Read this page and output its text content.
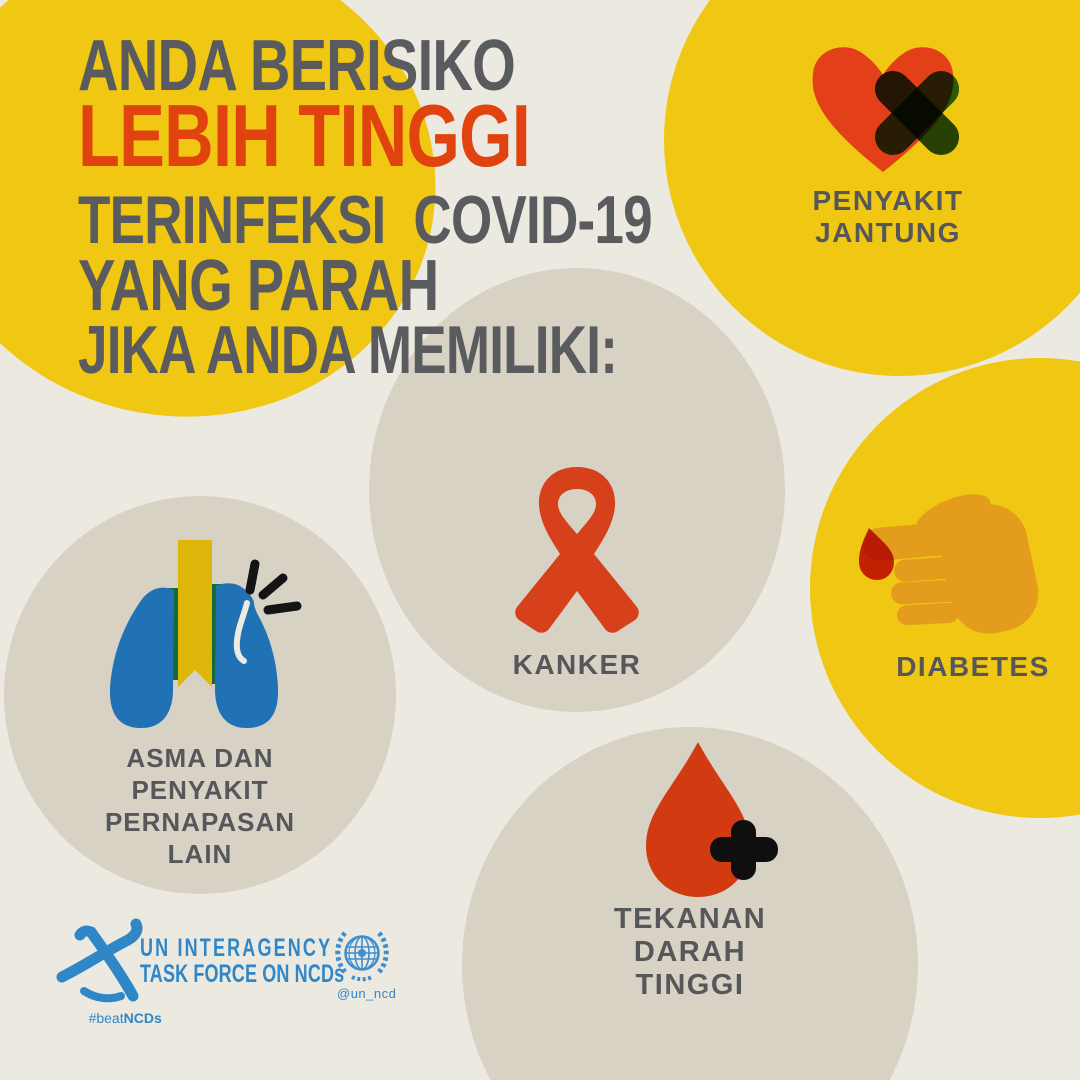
ANDA BERISIKO
LEBIH TINGGI
TERINFEKSI  COVID-19
YANG PARAH
JIKA ANDA MEMILIKI:
PENYAKIT
JANTUNG
KANKER	DIABETES
ASMA DAN
PENYAKIT
PERNAPASAN
LAIN
TEKANAN
DARAH
TINGGI
UN INTERAGENCY
TASK FORCE ON NCDs

#beatNCDs

@un_ncd
